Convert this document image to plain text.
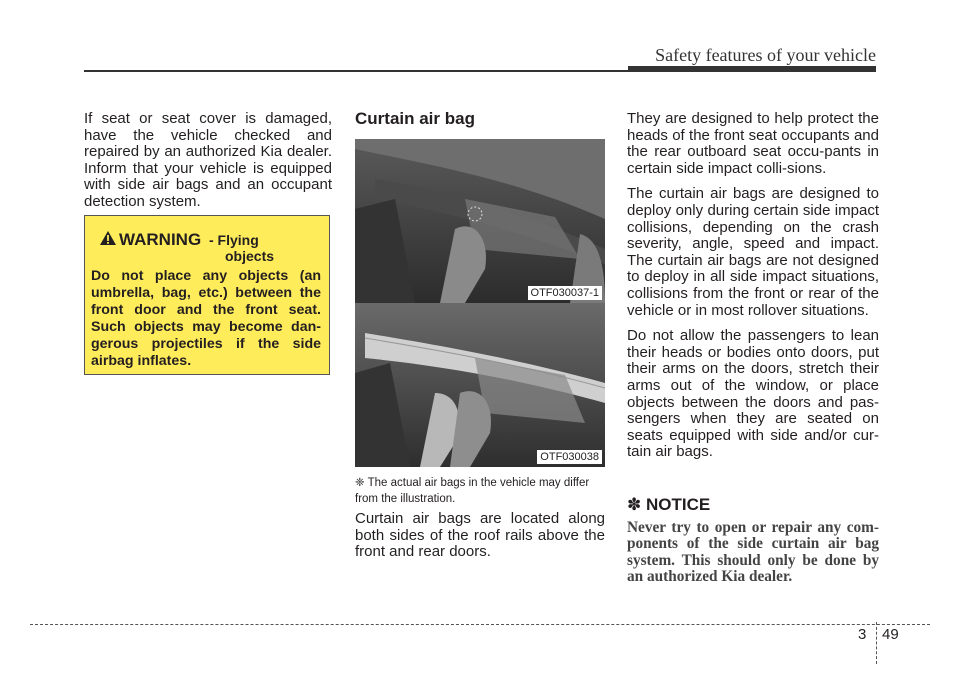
Safety features of your vehicle

If seat or seat cover is damaged, have the vehicle checked and repaired by an authorized Kia dealer. Inform that your vehicle is equipped with side air bags and an occupant detection system.

WARNING - Flying
objects
Do not place any objects (an umbrella, bag, etc.) between the front door and the front seat. Such objects may become dan-gerous projectiles if the side airbag inflates.

Curtain air bag

OTF030037-1
OTF030038
❈ The actual air bags in the vehicle may differ from the illustration.
Curtain air bags are located along both sides of the roof rails above the front and rear doors.

They are designed to help protect the heads of the front seat occupants and the rear outboard seat occu-pants in certain side impact colli-sions.

The curtain air bags are designed to deploy only during certain side impact collisions, depending on the crash severity, angle, speed and impact. The curtain air bags are not designed to deploy in all side impact situations, collisions from the front or rear of the vehicle or in most rollover situations.

Do not allow the passengers to lean their heads or bodies onto doors, put their arms on the doors, stretch their arms out of the window, or place objects between the doors and pas-sengers when they are seated on seats equipped with side and/or cur-tain air bags.

✽ NOTICE
Never try to open or repair any com-ponents of the side curtain air bag system. This should only be done by an authorized Kia dealer.
3 49
